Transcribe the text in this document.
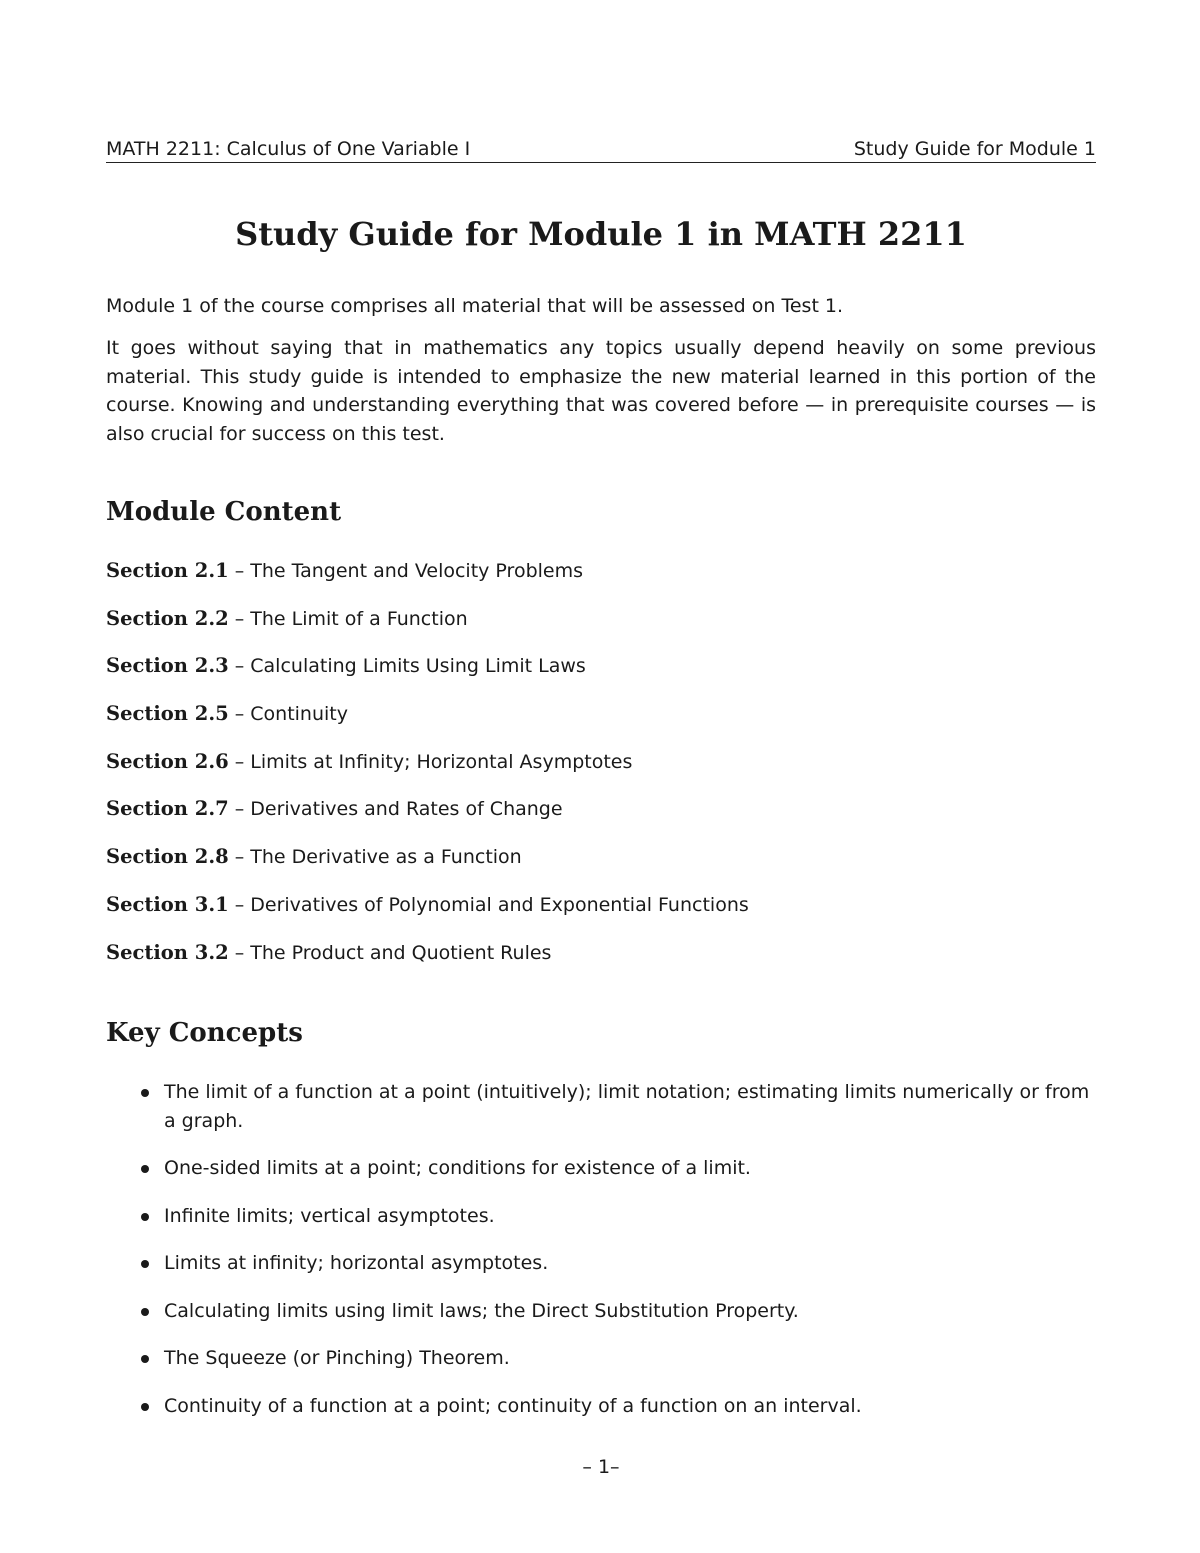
MATH 2211: Calculus of One Variable I	Study Guide for Module 1
Study Guide for Module 1 in MATH 2211

Module 1 of the course comprises all material that will be assessed on Test 1.

It goes without saying that in mathematics any topics usually depend heavily on some previous material. This study guide is intended to emphasize the new material learned in this portion of the course. Knowing and understanding everything that was covered before — in prerequisite courses — is also crucial for success on this test.

Module Content
Section 2.1 – The Tangent and Velocity Problems
Section 2.2 – The Limit of a Function
Section 2.3 – Calculating Limits Using Limit Laws
Section 2.5 – Continuity
Section 2.6 – Limits at Infinity; Horizontal Asymptotes
Section 2.7 – Derivatives and Rates of Change
Section 2.8 – The Derivative as a Function
Section 3.1 – Derivatives of Polynomial and Exponential Functions
Section 3.2 – The Product and Quotient Rules
Key Concepts
The limit of a function at a point (intuitively); limit notation; estimating limits numerically or from a graph.
One-sided limits at a point; conditions for existence of a limit.
Infinite limits; vertical asymptotes.
Limits at infinity; horizontal asymptotes.
Calculating limits using limit laws; the Direct Substitution Property.
The Squeeze (or Pinching) Theorem.
Continuity of a function at a point; continuity of a function on an interval.
– 1–
